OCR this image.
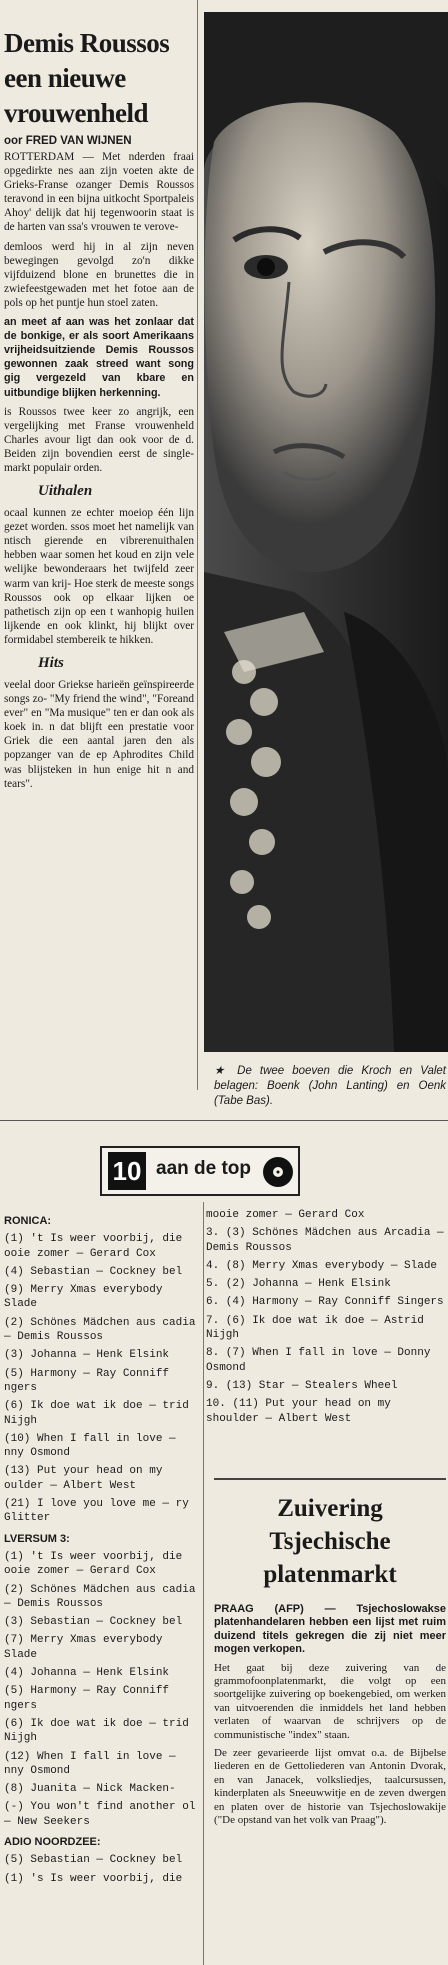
Demis Roussos
een nieuwe
vrouwenheld
oor FRED VAN WIJNEN

ROTTERDAM — Met nderden fraai opgedirkte nes aan zijn voeten akte de Grieks-Franse ozanger Demis Roussos teravond in een bijna uitkocht Sportpaleis Ahoy' delijk dat hij tegenwoorin staat is de harten van ssa's vrouwen te verove-

demloos werd hij in al zijn neven bewegingen gevolgd zo'n dikke vijfduizend blone en brunettes die in zwiefeestgewaden met het fotoe aan de pols op het puntje hun stoel zaten.

an meet af aan was het zonlaar dat de bonkige, er als soort Amerikaans vrijheidsuitziende Demis Roussos gewonnen zaak streed want song gig vergezeld van kbare en uitbundige blijken herkenning.

is Roussos twee keer zo angrijk, een vergelijking met Franse vrouwenheld Charles avour ligt dan ook voor de d. Beiden zijn bovendien eerst de single-markt populair orden.

Uithalen

ocaal kunnen ze echter moeiop één lijn gezet worden. ssos moet het namelijk van ntisch gierende en vibrerenuithalen hebben waar somen het koud en zijn vele welijke bewonderaars het twijfeld zeer warm van krij- Hoe sterk de meeste songs Roussos ook op elkaar lijken oe pathetisch zijn op een t wanhopig huilen lijkende en ook klinkt, hij blijkt over formidabel stembereik te hikken.

Hits

veelal door Griekse harieën geïnspireerde songs zo- "My friend the wind", "Foreand ever" en "Ma musique" ten er dan ook als koek in. n dat blijft een prestatie voor Griek die een aantal jaren den als popzanger van de ep Aphrodites Child was blijsteken in hun enige hit n and tears".

★ De twee boeven die Kroch en Valet belagen: Boenk (John Lanting) en Oenk (Tabe Bas).
10 aan de top
RONICA:
(1) 't Is weer voorbij, die ooie zomer — Gerard Cox
(4) Sebastian — Cockney bel
(9) Merry Xmas everybody Slade
(2) Schönes Mädchen aus cadia — Demis Roussos
(3) Johanna — Henk Elsink
(5) Harmony — Ray Conniff ngers
(6) Ik doe wat ik doe — trid Nijgh
(10) When I fall in love — nny Osmond
(13) Put your head on my oulder — Albert West
(21) I love you love me — ry Glitter
LVERSUM 3:
(1) 't Is weer voorbij, die ooie zomer — Gerard Cox
(2) Schönes Mädchen aus cadia — Demis Roussos
(3) Sebastian — Cockney bel
(7) Merry Xmas everybody Slade
(4) Johanna — Henk Elsink
(5) Harmony — Ray Conniff ngers
(6) Ik doe wat ik doe — trid Nijgh
(12) When I fall in love — nny Osmond
(8) Juanita — Nick Macken-
(-) You won't find another ol — New Seekers
ADIO NOORDZEE:
(5) Sebastian — Cockney bel
(1) 's Is weer voorbij, die
mooie zomer — Gerard Cox
3. (3) Schönes Mädchen aus Arcadia — Demis Roussos
4. (8) Merry Xmas everybody — Slade
5. (2) Johanna — Henk Elsink
6. (4) Harmony — Ray Conniff Singers
7. (6) Ik doe wat ik doe — Astrid Nijgh
8. (7) When I fall in love — Donny Osmond
9. (13) Star — Stealers Wheel
10. (11) Put your head on my shoulder — Albert West
Zuivering
Tsjechische
platenmarkt

PRAAG (AFP) — Tsjechoslowakse platenhandelaren hebben een lijst met ruim duizend titels gekregen die zij niet meer mogen verkopen.

Het gaat bij deze zuivering van de grammofoonplatenmarkt, die volgt op een soortgelijke zuivering op boekengebied, om werken van uitvoerenden die inmiddels het land hebben verlaten of waarvan de schrijvers op de communistische "index" staan.

De zeer gevarieerde lijst omvat o.a. de Bijbelse liederen en de Gettoliederen van Antonin Dvorak, en van Janacek, volksliedjes, taalcursussen, kinderplaten als Sneeuwwitje en de zeven dwergen en platen over de historie van Tsjechoslowakije ("De opstand van het volk van Praag").
